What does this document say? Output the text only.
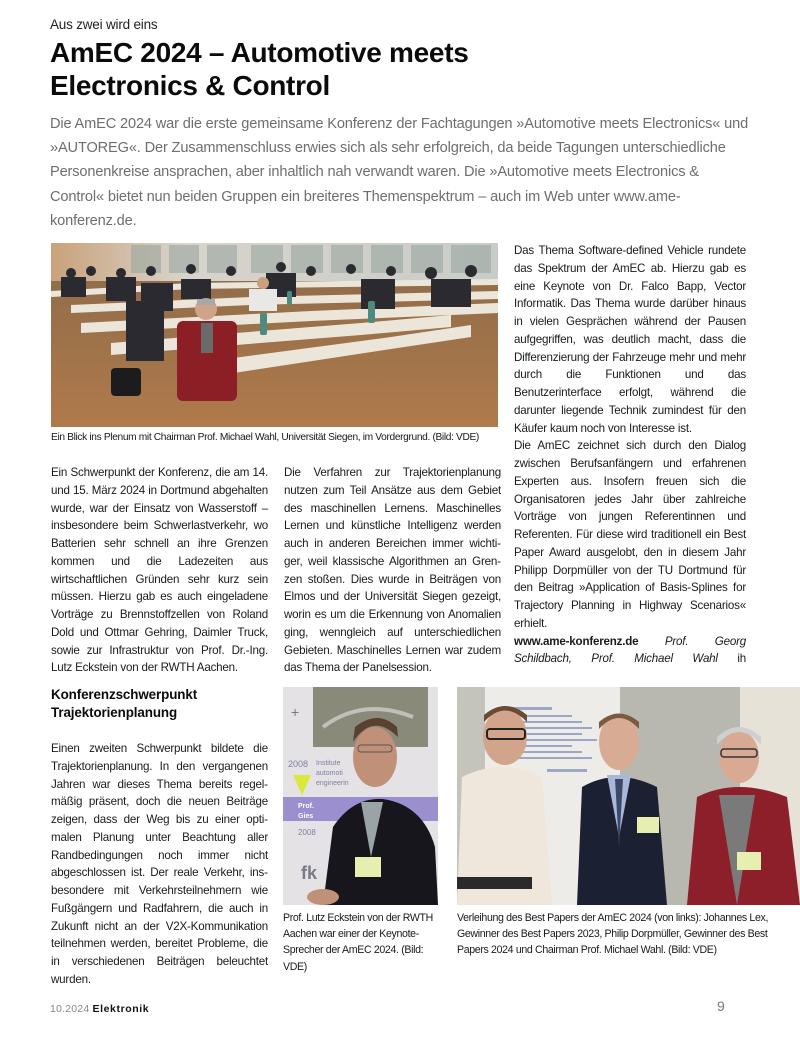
Aus zwei wird eins
AmEC 2024 – Automotive meets
Electronics & Control

Die AmEC 2024 war die erste gemeinsame Konferenz der Fachtagungen »Automotive meets Electronics« und »AUTOREG«. Der Zusammenschluss erwies sich als sehr erfolgreich, da beide Tagungen unterschiedliche Personenkreise ansprachen, aber inhaltlich nah verwandt waren. Die »Automotive meets Electronics & Control« bietet nun beiden Gruppen ein breiteres Themenspektrum – auch im Web unter www.ame-konferenz.de.

Ein Blick ins Plenum mit Chairman Prof. Michael Wahl, Universität Siegen, im Vordergrund. (Bild: VDE)

Das Thema Software-defined Vehicle rundete das Spektrum der AmEC ab. Hierzu gab es eine Keynote von Dr. Falco Bapp, Vector Informatik. Das Thema wurde darüber hinaus in vielen Gesprächen während der Pausen aufgegriffen, was deutlich macht, dass die Differenzierung der Fahrzeuge mehr und mehr durch die Funktionen und das Benutzerinterface erfolgt, während die darunter liegende Technik zumindest für den Käufer kaum noch von Interesse ist.

Die AmEC zeichnet sich durch den Dialog zwischen Berufsanfängern und erfahrenen Experten aus. Insofern freuen sich die Organisatoren jedes Jahr über zahlreiche Vorträge von jungen Referentinnen und Referenten. Für diese wird traditionell ein Best Paper Award ausgelobt, den in diesem Jahr Philipp Dorpmüller von der TU Dortmund für den Beitrag »Application of Basis-Splines for Trajectory Planning in Highway Scenarios« erhielt.

www.ame-konferenz.de Prof. Georg Schildbach, Prof. Michael Wahl ih

Ein Schwerpunkt der Konferenz, die am 14. und 15. März 2024 in Dortmund abgehalten wurde, war der Einsatz von Wasserstoff – insbesondere beim Schwerlastverkehr, wo Batterien sehr schnell an ihre Grenzen kommen und die Ladezeiten aus wirtschaftlichen Gründen sehr kurz sein müssen. Hierzu gab es auch eingeladene Vorträge zu Brennstoffzellen von Roland Dold und Ottmar Gehring, Daimler Truck, sowie zur Infrastruktur von Prof. Dr.-Ing. Lutz Eckstein von der RWTH Aachen.

Die Verfahren zur Trajektorienplanung nutzen zum Teil Ansätze aus dem Gebiet des maschinellen Lernens. Maschinelles Lernen und künstliche Intelligenz werden auch in anderen Bereichen immer wichtiger, weil klassische Algorithmen an Grenzen stoßen. Dies wurde in Beiträgen von Elmos und der Universität Siegen gezeigt, worin es um die Erkennung von Anomalien ging, wenngleich auf unterschiedlichen Gebieten. Maschinelles Lernen war zudem das Thema der Panelsession.

Konferenzschwerpunkt Trajektorienplanung

Einen zweiten Schwerpunkt bildete die Trajektorienplanung. In den vergangenen Jahren war dieses Thema bereits regelmäßig präsent, doch die neuen Beiträge zeigen, dass der Weg bis zu einer optimalen Planung unter Beachtung aller Randbedingungen noch immer nicht abgeschlossen ist. Der reale Verkehr, insbesondere mit Verkehrsteilnehmern wie Fußgängern und Radfahrern, die auch in Zukunft nicht an der V2X-Kommunikation teilnehmen werden, bereitet Probleme, die in verschiedenen Beiträgen beleuchtet wurden.

+
2008 Institute
automoti
engineerin
Prof.
Gies
2008
fk
Prof. Lutz Eckstein von der RWTH Aachen war einer der Keynote-Sprecher der AmEC 2024. (Bild: VDE)
Verleihung des Best Papers der AmEC 2024 (von links): Johannes Lex, Gewinner des Best Papers 2023, Philip Dorpmüller, Gewinner des Best Papers 2024 und Chairman Prof. Michael Wahl. (Bild: VDE)
10.2024 Elektronik	9
